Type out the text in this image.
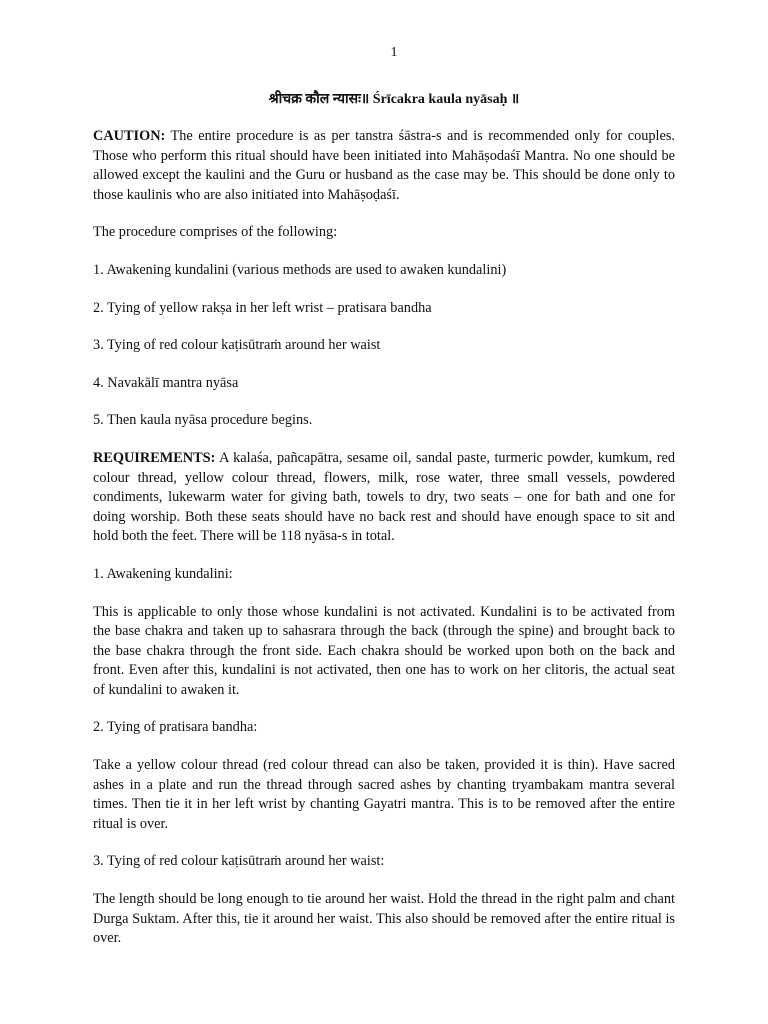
1
श्रीचक्र कौल न्यासः॥ Śrīcakra kaula nyāsaḥ ॥

CAUTION: The entire procedure is as per tanstra śāstra-s and is recommended only for couples. Those who perform this ritual should have been initiated into Mahāṣodaśī Mantra. No one should be allowed except the kaulini and the Guru or husband as the case may be. This should be done only to those kaulinis who are also initiated into Mahāṣoḍaśī.

The procedure comprises of the following:

1. Awakening kundalini (various methods are used to awaken kundalini)

2. Tying of yellow rakṣa in her left wrist – pratisara bandha

3. Tying of red colour kaṭisūtraṁ around her waist

4. Navakālī mantra nyāsa

5. Then kaula nyāsa procedure begins.

REQUIREMENTS: A kalaśa, pañcapātra, sesame oil, sandal paste, turmeric powder, kumkum, red colour thread, yellow colour thread, flowers, milk, rose water, three small vessels, powdered condiments, lukewarm water for giving bath, towels to dry, two seats – one for bath and one for doing worship. Both these seats should have no back rest and should have enough space to sit and hold both the feet. There will be 118 nyāsa-s in total.

1. Awakening kundalini:

This is applicable to only those whose kundalini is not activated. Kundalini is to be activated from the base chakra and taken up to sahasrara through the back (through the spine) and brought back to the base chakra through the front side. Each chakra should be worked upon both on the back and front. Even after this, kundalini is not activated, then one has to work on her clitoris, the actual seat of kundalini to awaken it.

2. Tying of pratisara bandha:

Take a yellow colour thread (red colour thread can also be taken, provided it is thin). Have sacred ashes in a plate and run the thread through sacred ashes by chanting tryambakam mantra several times. Then tie it in her left wrist by chanting Gayatri mantra. This is to be removed after the entire ritual is over.

3. Tying of red colour kaṭisūtraṁ around her waist:

The length should be long enough to tie around her waist. Hold the thread in the right palm and chant Durga Suktam. After this, tie it around her waist. This also should be removed after the entire ritual is over.
